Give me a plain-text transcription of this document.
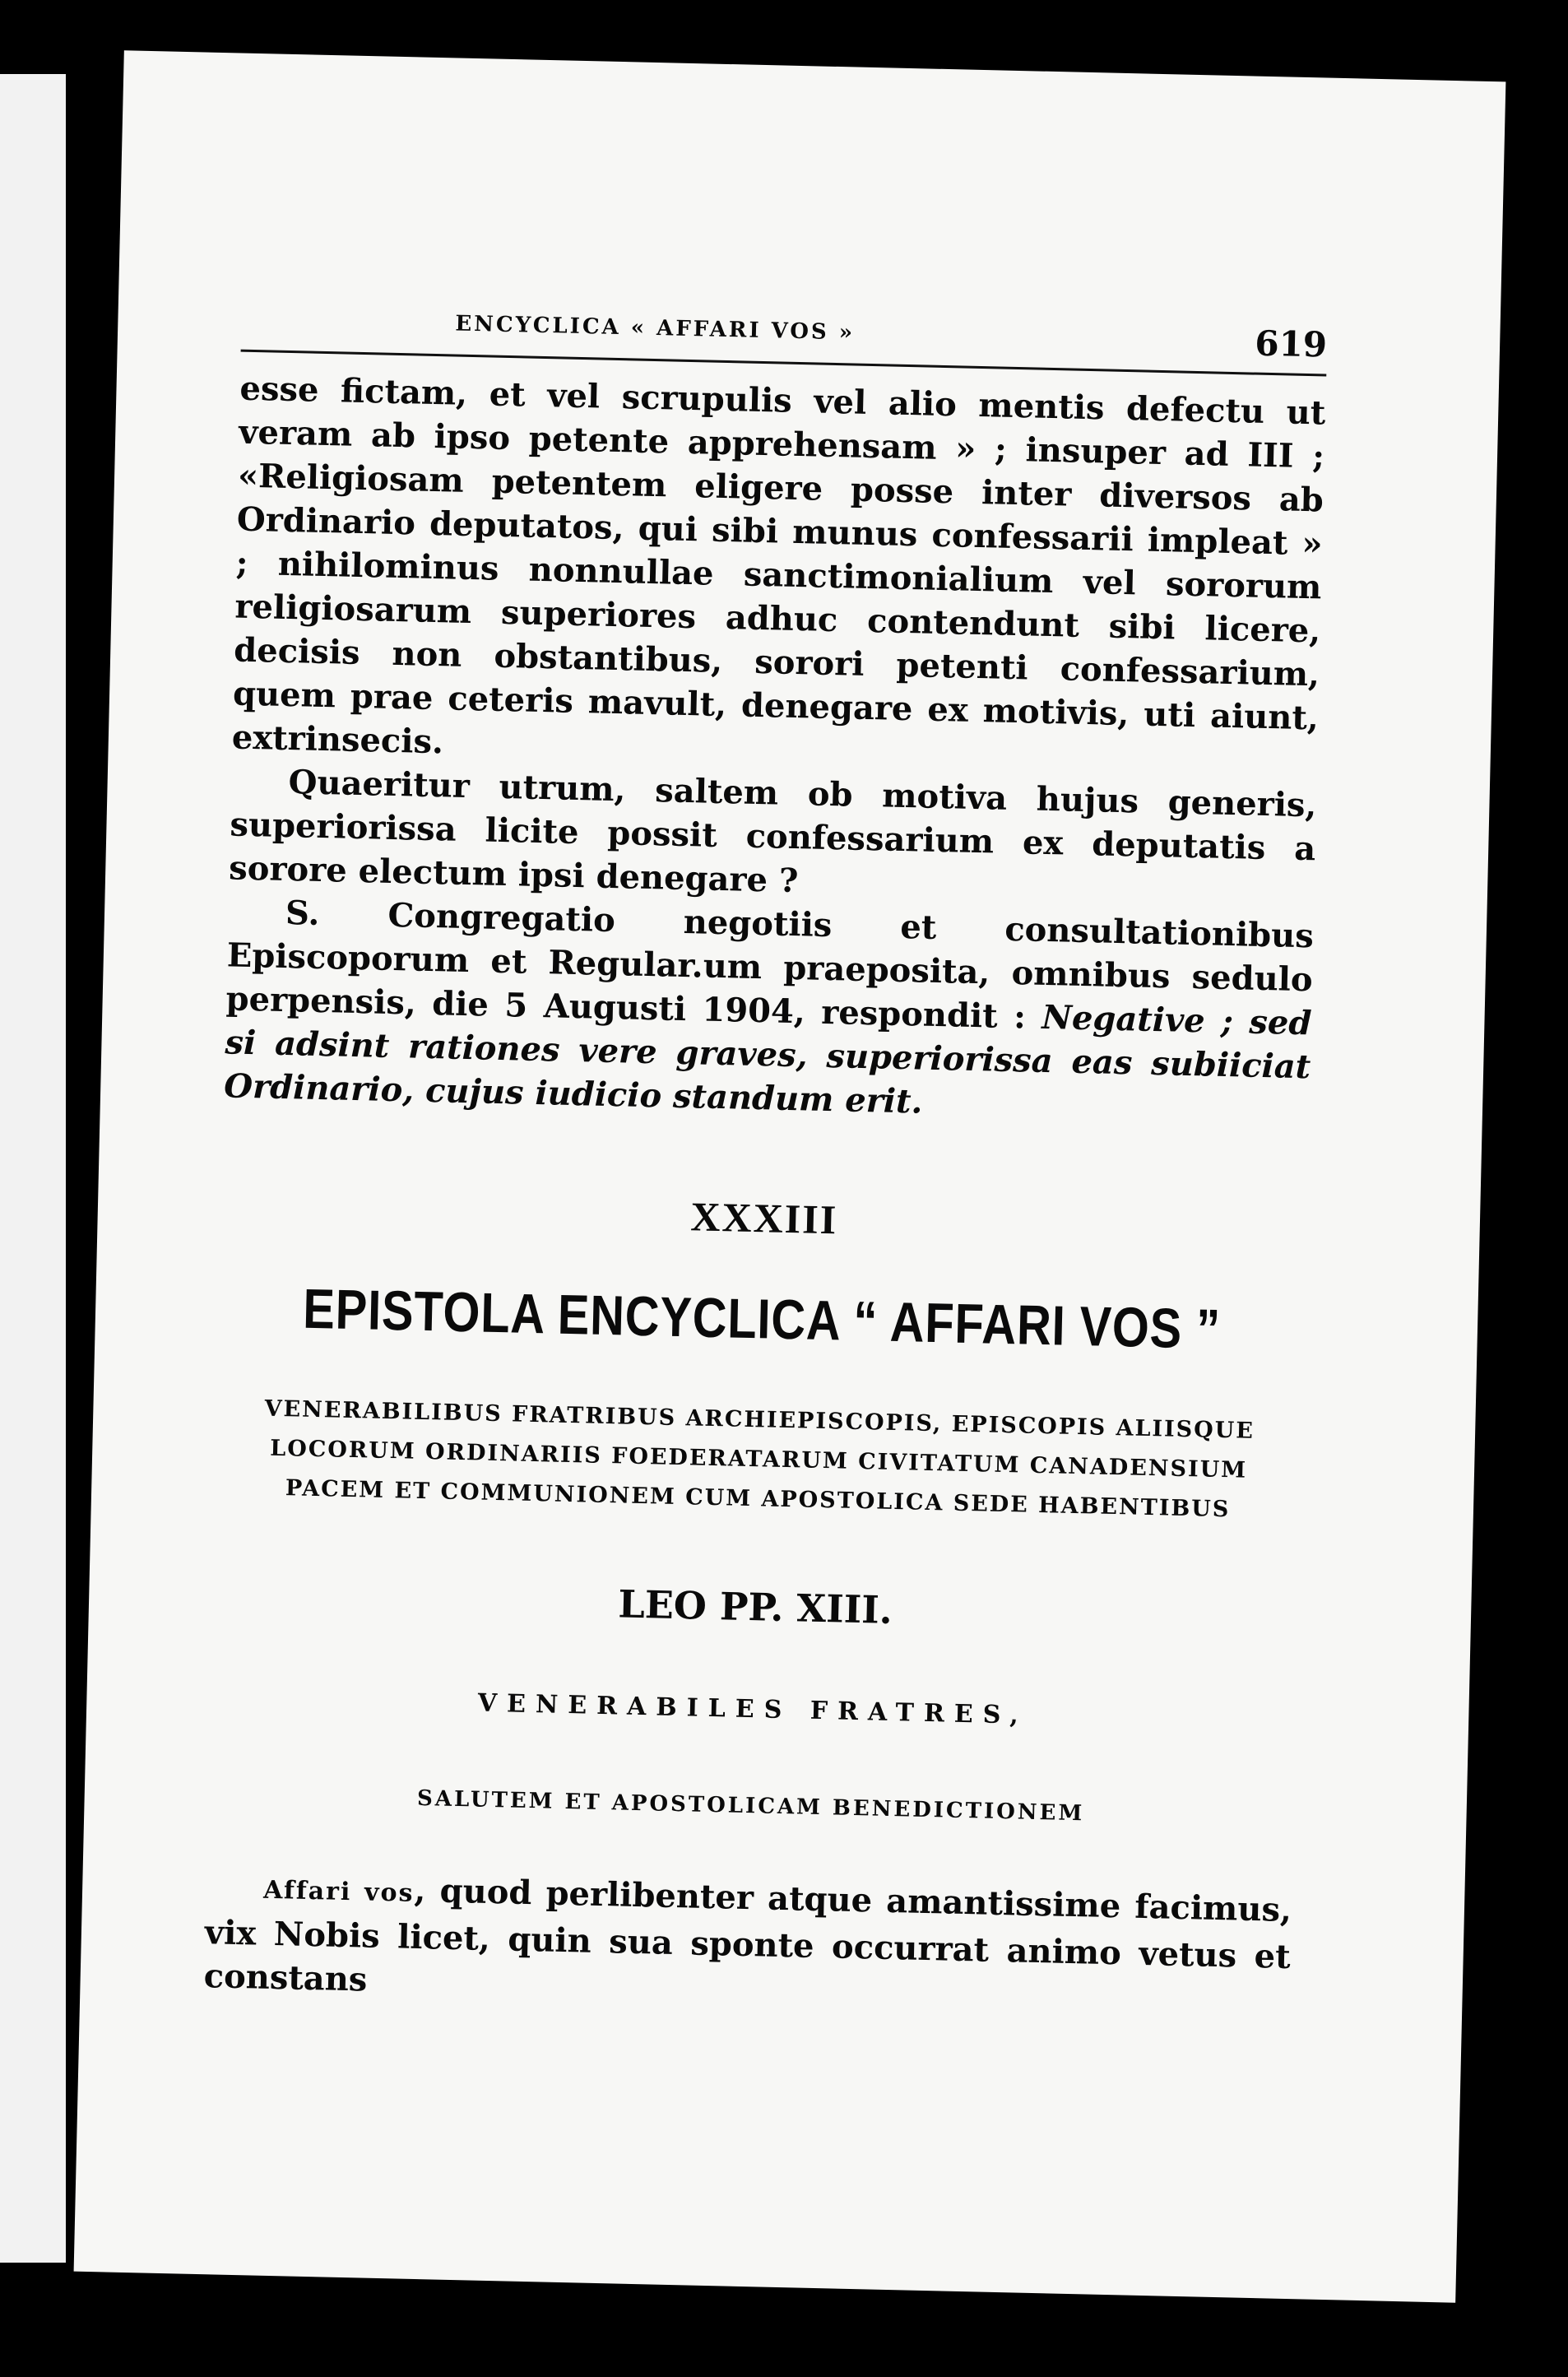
ENCYCLICA « AFFARI VOS »	619

esse fictam, et vel scrupulis vel alio mentis defectu ut veram ab ipso petente apprehensam » ; insuper ad III ; «Religiosam petentem eligere posse inter diversos ab Ordinario deputatos, qui sibi munus confessarii impleat » ; nihilominus nonnullae sanctimonialium vel sororum religiosarum superiores adhuc contendunt sibi licere, decisis non obstantibus, sorori petenti confessarium, quem prae ceteris mavult, denegare ex motivis, uti aiunt, extrinsecis.

Quaeritur utrum, saltem ob motiva hujus generis, superiorissa licite possit confessarium ex deputatis a sorore electum ipsi denegare ?

S. Congregatio negotiis et consultationibus Episcoporum et Regular.um praeposita, omnibus sedulo perpensis, die 5 Augusti 1904, respondit : Negative ; sed si adsint rationes vere graves, superiorissa eas subiiciat Ordinario, cujus iudicio standum erit.

XXXIII
EPISTOLA ENCYCLICA “ AFFARI VOS ”
VENERABILIBUS FRATRIBUS ARCHIEPISCOPIS, EPISCOPIS ALIISQUE LOCORUM ORDINARIIS FOEDERATARUM CIVITATUM CANADENSIUM PACEM ET COMMUNIONEM CUM APOSTOLICA SEDE HABENTIBUS
LEO PP. XIII.
VENERABILES FRATRES,
SALUTEM ET APOSTOLICAM BENEDICTIONEM

Affari vos, quod perlibenter atque amantissime facimus, vix Nobis licet, quin sua sponte occurrat animo vetus et constans
